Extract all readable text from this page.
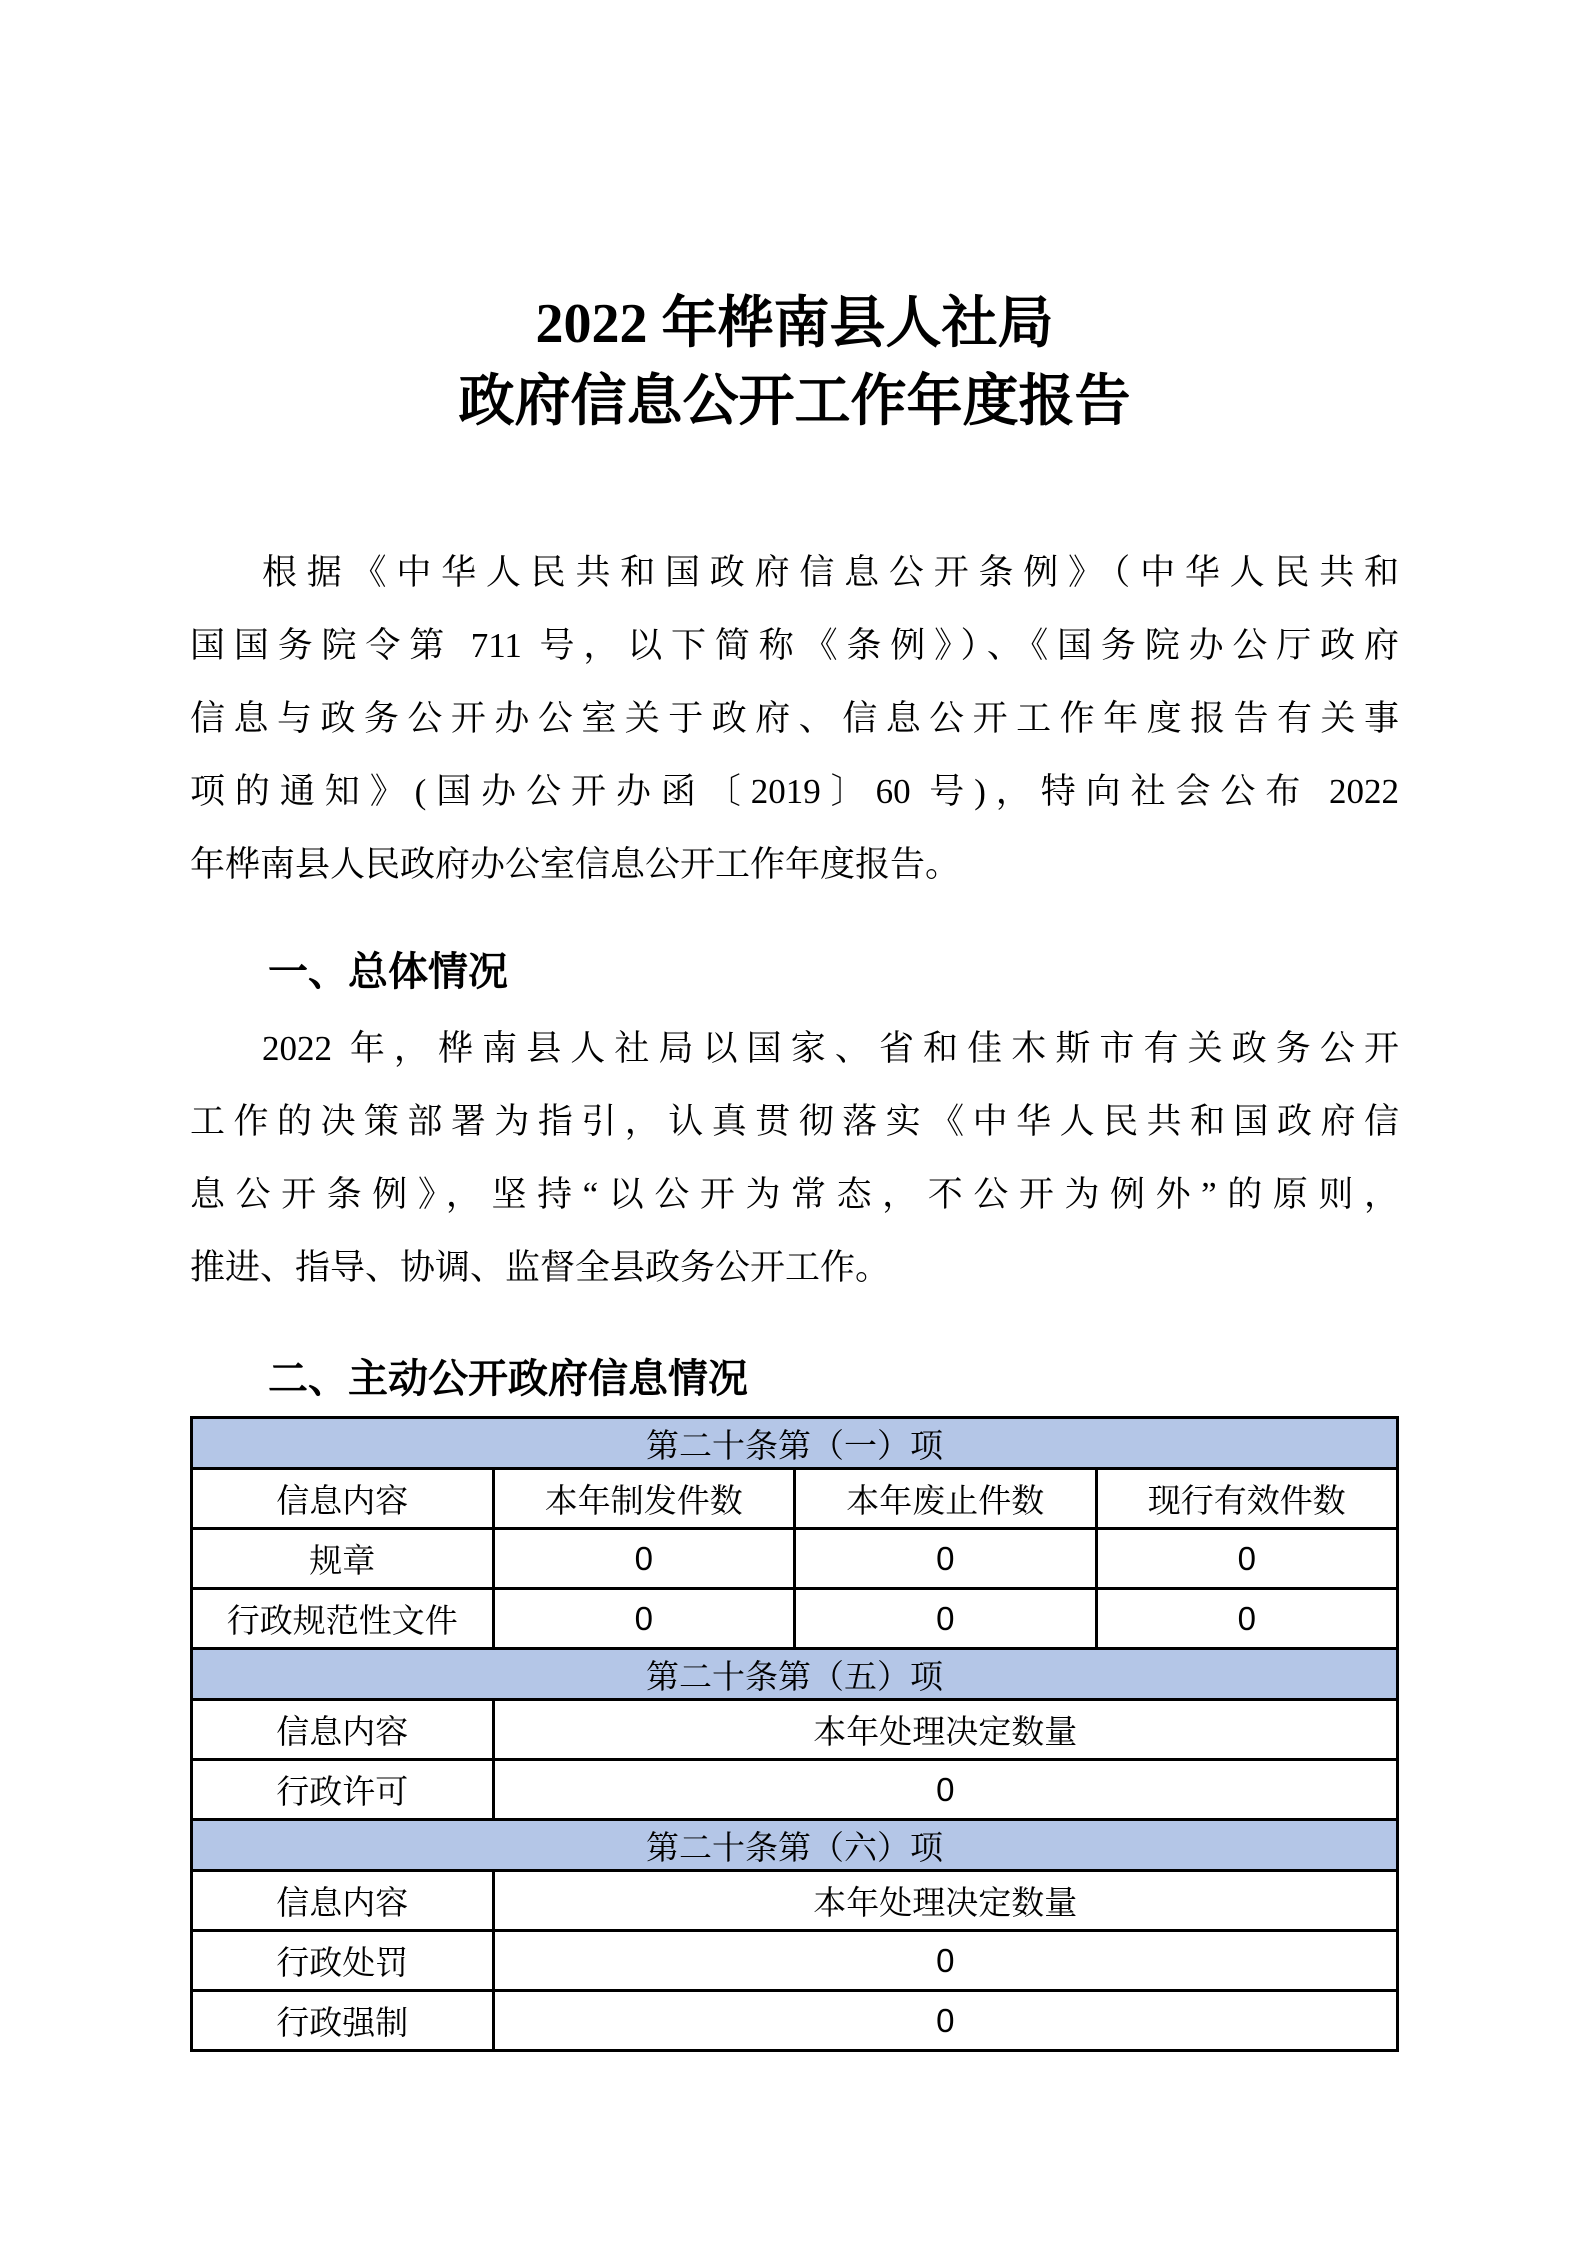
2022 年桦南县人社局
政府信息公开工作年度报告
根据《中华人民共和国政府信息公开条例》（中华人民共和
国国务院令第 711 号，以下简称《条例》）、《国务院办公厅政府
信息与政务公开办公室关于政府、信息公开工作年度报告有关事
项的通知》(国办公开办函〔2019〕60 号)，特向社会公布 2022
年桦南县人民政府办公室信息公开工作年度报告。
一、总体情况
2022 年，桦南县人社局以国家、省和佳木斯市有关政务公开
工作的决策部署为指引，认真贯彻落实《中华人民共和国政府信
息公开条例》，坚持“以公开为常态，不公开为例外”的原则，
推进、指导、协调、监督全县政务公开工作。
二、主动公开政府信息情况
第二十条第（一）项			
信息内容	本年制发件数	本年废止件数	现行有效件数
规章	0	0	0
行政规范性文件	0	0	0
第二十条第（五）项			
信息内容	本年处理决定数量		
行政许可	0		
第二十条第（六）项			
信息内容	本年处理决定数量		
行政处罚	0		
行政强制	0		
